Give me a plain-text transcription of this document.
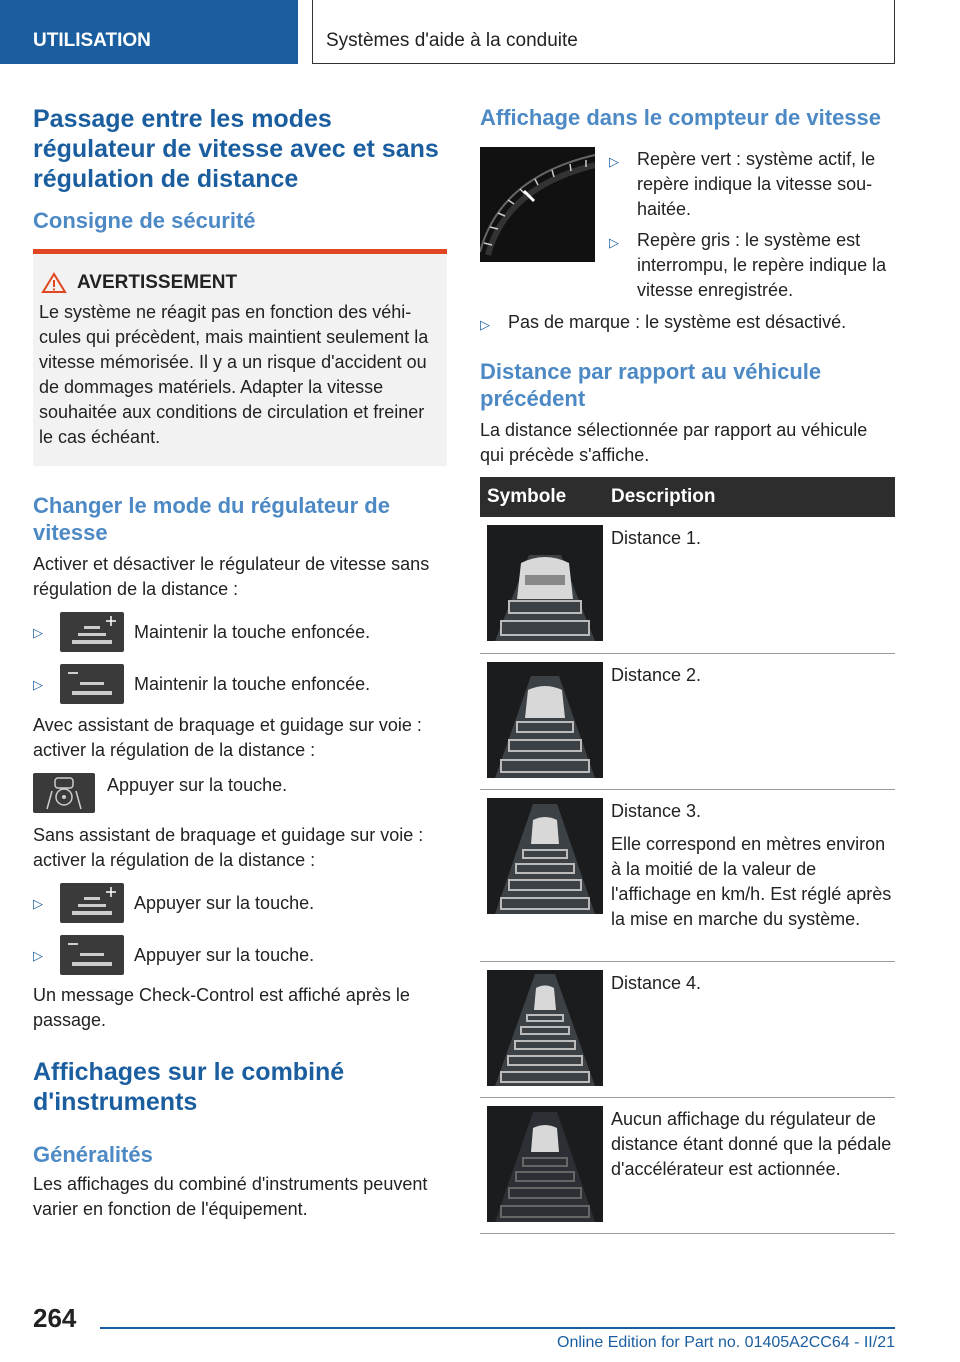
UTILISATION	Systèmes d'aide à la conduite
Passage entre les modes régulateur de vitesse avec et sans régulation de distance
Consigne de sécurité
AVERTISSEMENT
Le système ne réagit pas en fonction des véhicules qui précèdent, mais maintient seulement la vitesse mémorisée. Il y a un risque d'accident ou de dommages matériels. Adapter la vitesse souhaitée aux conditions de circulation et freiner le cas échéant.
Changer le mode du régulateur de vitesse
Activer et désactiver le régulateur de vitesse sans régulation de la distance :
▷	Maintenir la touche enfoncée.
▷	Maintenir la touche enfoncée.
Avec assistant de braquage et guidage sur voie : activer la régulation de la distance :
Appuyer sur la touche.
Sans assistant de braquage et guidage sur voie : activer la régulation de la distance :
▷	Appuyer sur la touche.
▷	Appuyer sur la touche.
Un message Check-Control est affiché après le passage.
Affichages sur le combiné d'instruments
Généralités
Les affichages du combiné d'instruments peuvent varier en fonction de l'équipement.
Affichage dans le compteur de vitesse
▷	Repère vert : système actif, le repère indique la vitesse souhaitée.
▷	Repère gris : le système est interrompu, le repère indique la vitesse enregistrée.
▷	Pas de marque : le système est désactivé.
Distance par rapport au véhicule précédent
La distance sélectionnée par rapport au véhicule qui précède s'affiche.
Symbole	Description

Distance 1.

Distance 2.

Distance 3.
Elle correspond en mètres environ à la moitié de la valeur de l'affichage en km/h. Est réglé après la mise en marche du système.

Distance 4.

Aucun affichage du régulateur de distance étant donné que la pédale d'accélérateur est actionnée.
264
Online Edition for Part no. 01405A2CC64 - II/21
